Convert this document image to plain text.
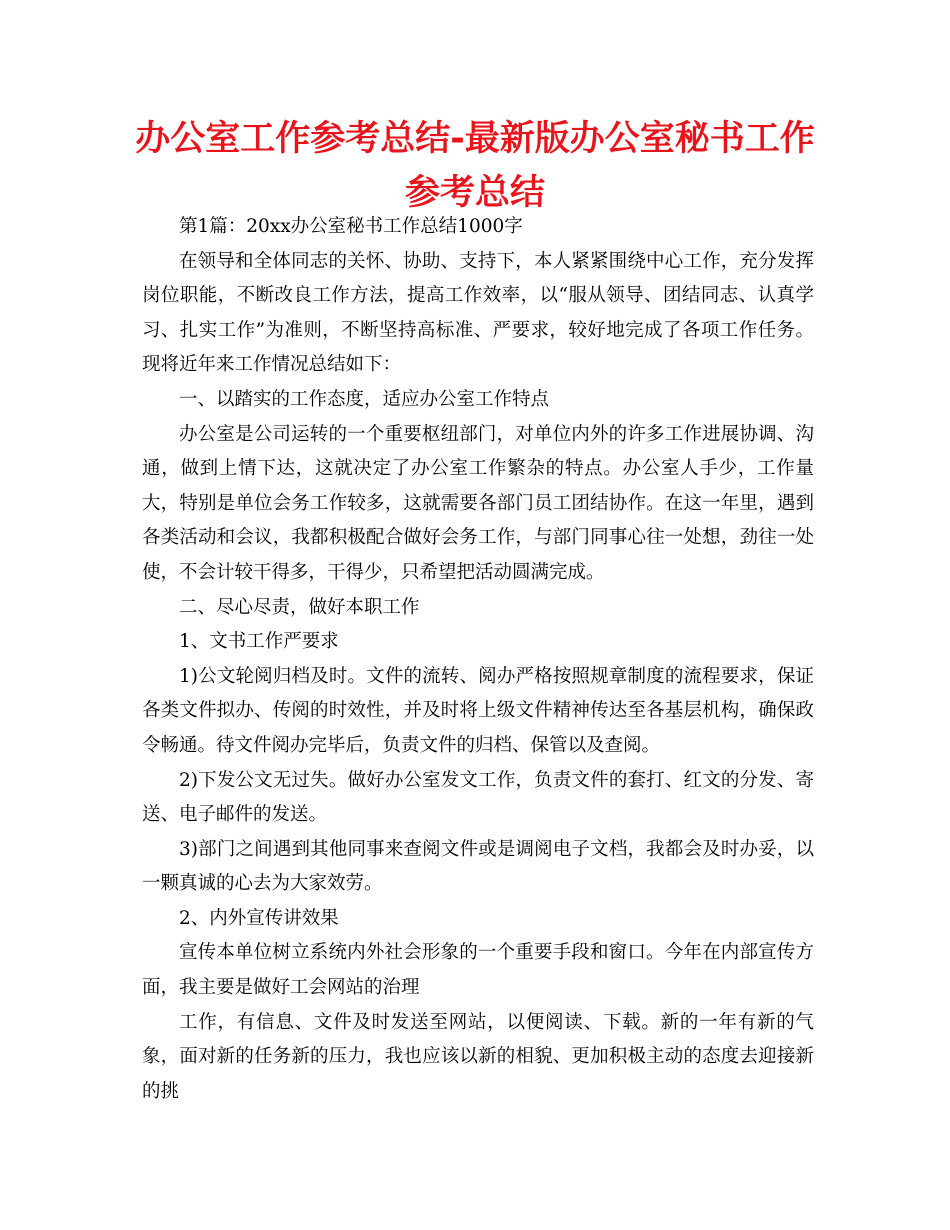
办公室工作参考总结-最新版办公室秘书工作参考总结

第1篇：20xx办公室秘书工作总结1000字

在领导和全体同志的关怀、协助、支持下，本人紧紧围绕中心工作，充分发挥岗位职能，不断改良工作方法，提高工作效率，以“服从领导、团结同志、认真学习、扎实工作”为准则，不断坚持高标准、严要求，较好地完成了各项工作任务。现将近年来工作情况总结如下：

一、以踏实的工作态度，适应办公室工作特点

办公室是公司运转的一个重要枢纽部门，对单位内外的许多工作进展协调、沟通，做到上情下达，这就决定了办公室工作繁杂的特点。办公室人手少，工作量大，特别是单位会务工作较多，这就需要各部门员工团结协作。在这一年里，遇到各类活动和会议，我都积极配合做好会务工作，与部门同事心往一处想，劲往一处使，不会计较干得多，干得少，只希望把活动圆满完成。

二、尽心尽责，做好本职工作

1、文书工作严要求

1)公文轮阅归档及时。文件的流转、阅办严格按照规章制度的流程要求，保证各类文件拟办、传阅的时效性，并及时将上级文件精神传达至各基层机构，确保政令畅通。待文件阅办完毕后，负责文件的归档、保管以及查阅。

2)下发公文无过失。做好办公室发文工作，负责文件的套打、红文的分发、寄送、电子邮件的发送。

3)部门之间遇到其他同事来查阅文件或是调阅电子文档，我都会及时办妥，以一颗真诚的心去为大家效劳。

2、内外宣传讲效果

宣传本单位树立系统内外社会形象的一个重要手段和窗口。今年在内部宣传方面，我主要是做好工会网站的治理

工作，有信息、文件及时发送至网站，以便阅读、下载。新的一年有新的气象，面对新的任务新的压力，我也应该以新的相貌、更加积极主动的态度去迎接新的挑
